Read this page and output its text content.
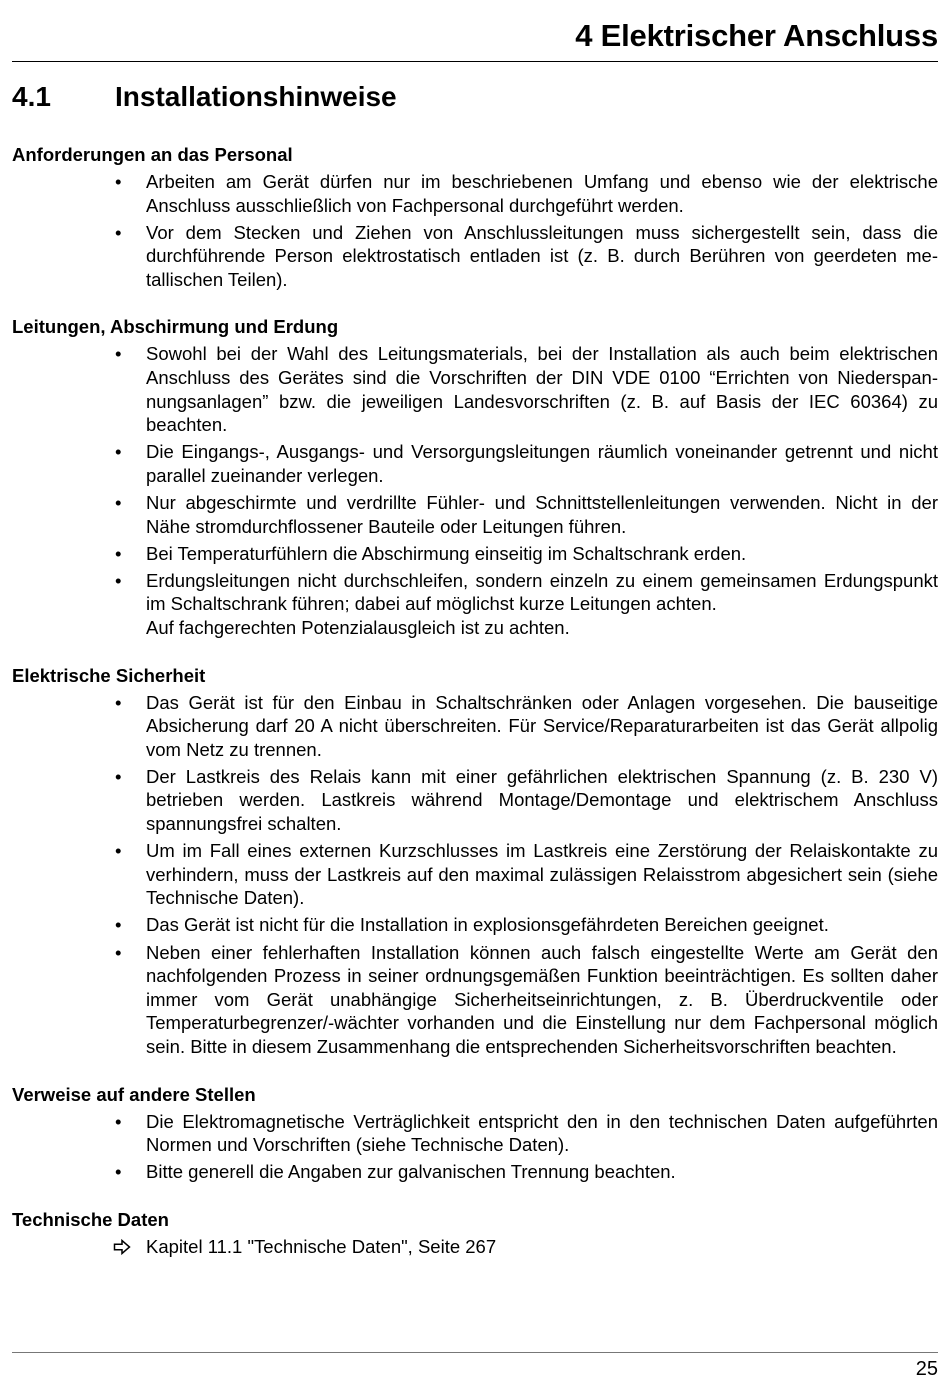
4 Elektrischer Anschluss
4.1 Installationshinweise
Anforderungen an das Personal
•	Arbeiten am Gerät dürfen nur im beschriebenen Umfang und ebenso wie der elektrische Anschluss ausschließlich von Fachpersonal durchgeführt werden.
•	Vor dem Stecken und Ziehen von Anschlussleitungen muss sichergestellt sein, dass die durchführende Person elektrostatisch entladen ist (z. B. durch Berühren von geerdeten metallischen Teilen).
Leitungen, Abschirmung und Erdung
•	Sowohl bei der Wahl des Leitungsmaterials, bei der Installation als auch beim elektrischen Anschluss des Gerätes sind die Vorschriften der DIN VDE 0100 “Errichten von Niederspannungsanlagen” bzw. die jeweiligen Landesvorschriften (z. B. auf Basis der IEC 60364) zu beachten.
•	Die Eingangs-, Ausgangs- und Versorgungsleitungen räumlich voneinander getrennt und nicht parallel zueinander verlegen.
•	Nur abgeschirmte und verdrillte Fühler- und Schnittstellenleitungen verwenden. Nicht in der Nähe stromdurchflossener Bauteile oder Leitungen führen.
•	Bei Temperaturfühlern die Abschirmung einseitig im Schaltschrank erden.
•	Erdungsleitungen nicht durchschleifen, sondern einzeln zu einem gemeinsamen Erdungspunkt im Schaltschrank führen; dabei auf möglichst kurze Leitungen achten.
Auf fachgerechten Potenzialausgleich ist zu achten.
Elektrische Sicherheit
•	Das Gerät ist für den Einbau in Schaltschränken oder Anlagen vorgesehen. Die bauseitige Absicherung darf 20 A nicht überschreiten. Für Service/Reparaturarbeiten ist das Gerät allpolig vom Netz zu trennen.
•	Der Lastkreis des Relais kann mit einer gefährlichen elektrischen Spannung (z. B. 230 V) betrieben werden. Lastkreis während Montage/Demontage und elektrischem Anschluss spannungsfrei schalten.
•	Um im Fall eines externen Kurzschlusses im Lastkreis eine Zerstörung der Relaiskontakte zu verhindern, muss der Lastkreis auf den maximal zulässigen Relaisstrom abgesichert sein (siehe Technische Daten).
•	Das Gerät ist nicht für die Installation in explosionsgefährdeten Bereichen geeignet.
•	Neben einer fehlerhaften Installation können auch falsch eingestellte Werte am Gerät den nachfolgenden Prozess in seiner ordnungsgemäßen Funktion beeinträchtigen. Es sollten daher immer vom Gerät unabhängige Sicherheitseinrichtungen, z. B. Überdruckventile oder Temperaturbegrenzer/-wächter vorhanden und die Einstellung nur dem Fachpersonal möglich sein. Bitte in diesem Zusammenhang die entsprechenden Sicherheitsvorschriften beachten.
Verweise auf andere Stellen
•	Die Elektromagnetische Verträglichkeit entspricht den in den technischen Daten aufgeführten Normen und Vorschriften (siehe Technische Daten).
•	Bitte generell die Angaben zur galvanischen Trennung beachten.
Technische Daten
Kapitel 11.1 "Technische Daten", Seite 267

25
